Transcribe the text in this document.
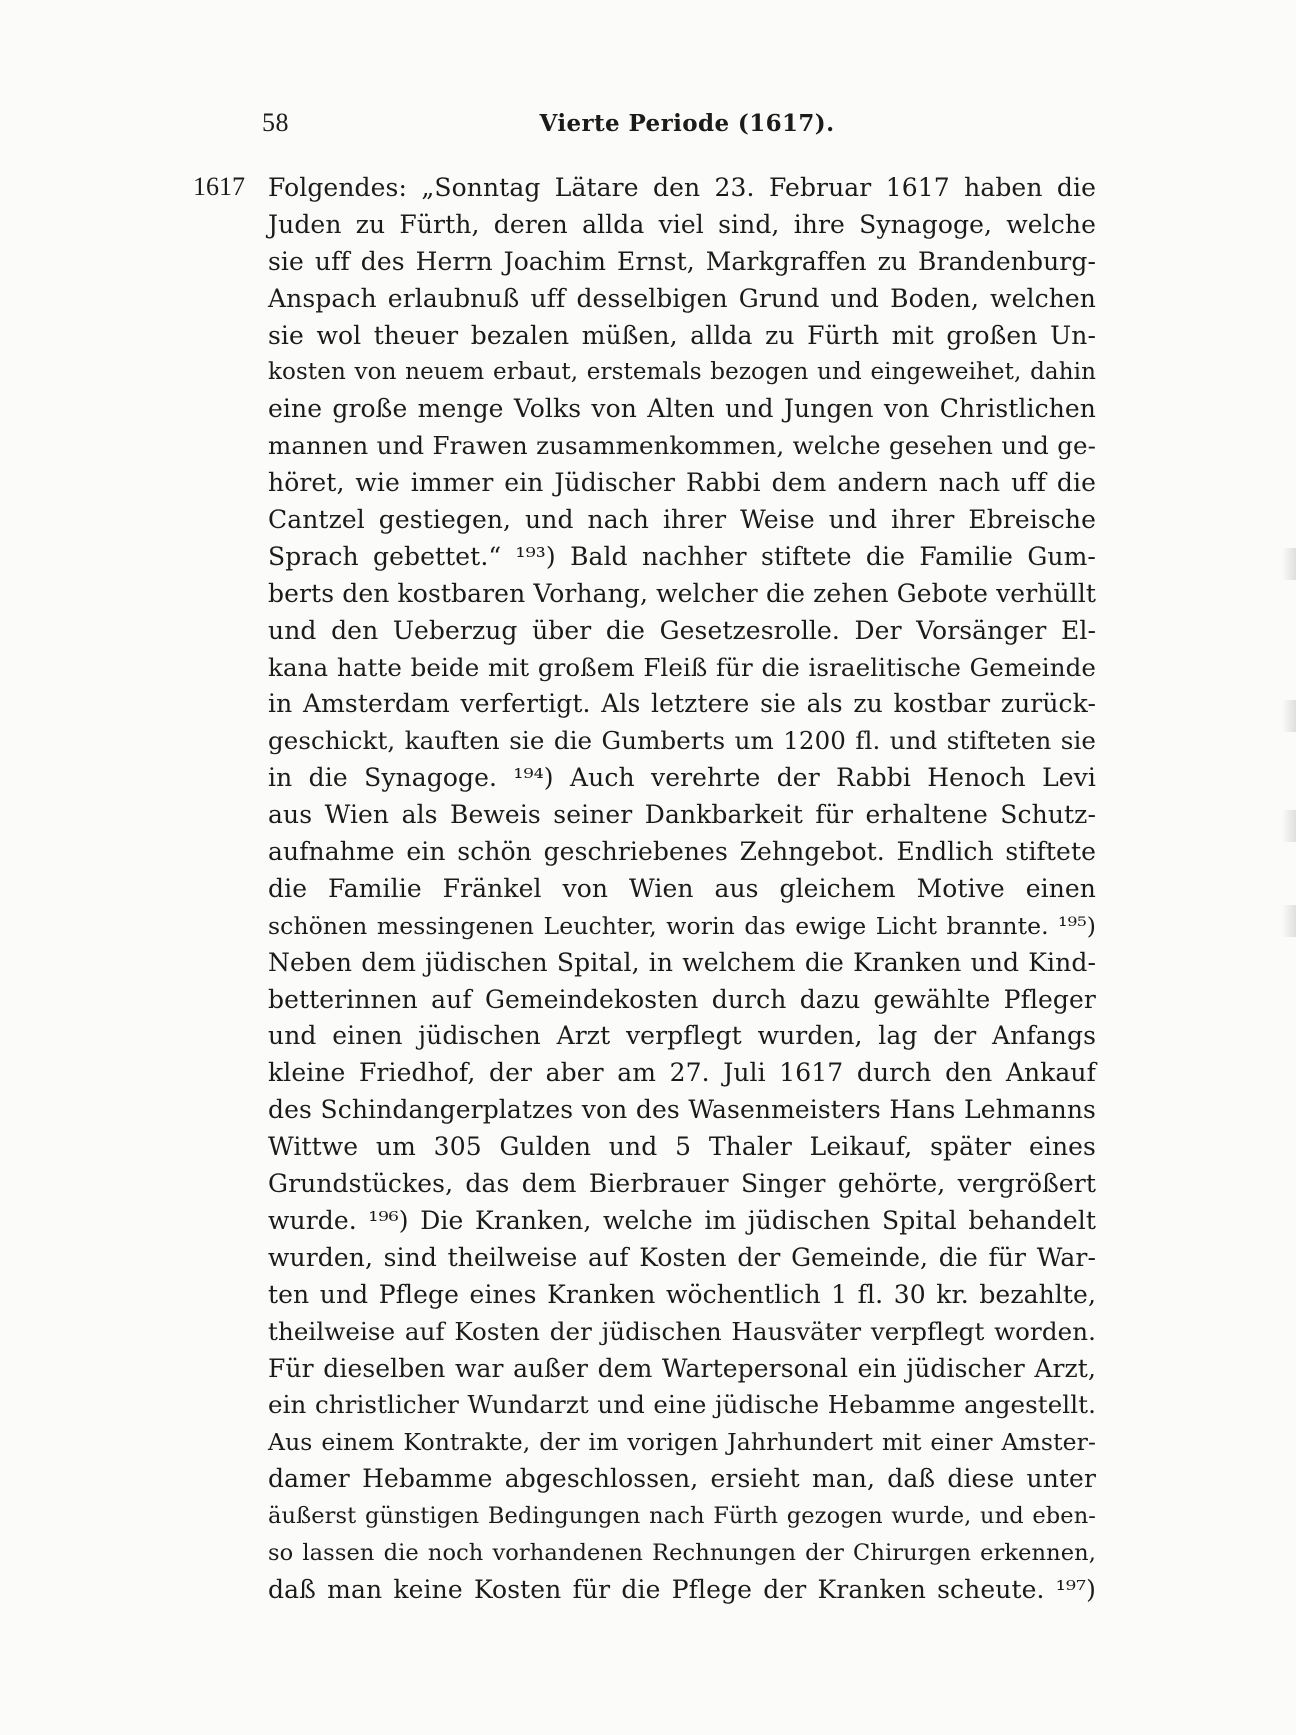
58	Vierte Periode (1617).
1617 Folgendes: „Sonntag Lätare den 23. Februar 1617 haben die
Juden zu Fürth, deren allda viel sind, ihre Synagoge, welche
sie uff des Herrn Joachim Ernst, Markgraffen zu Brandenburg-
Anspach erlaubnuß uff desselbigen Grund und Boden, welchen
sie wol theuer bezalen müßen, allda zu Fürth mit großen Un-
kosten von neuem erbaut, erstemals bezogen und eingeweihet, dahin
eine große menge Volks von Alten und Jungen von Christlichen
mannen und Frawen zusammenkommen, welche gesehen und ge-
höret, wie immer ein Jüdischer Rabbi dem andern nach uff die
Cantzel gestiegen, und nach ihrer Weise und ihrer Ebreische
Sprach gebettet.“ ¹⁹³) Bald nachher stiftete die Familie Gum-
berts den kostbaren Vorhang, welcher die zehen Gebote verhüllt
und den Ueberzug über die Gesetzesrolle. Der Vorsänger El-
kana hatte beide mit großem Fleiß für die israelitische Gemeinde
in Amsterdam verfertigt. Als letztere sie als zu kostbar zurück-
geschickt, kauften sie die Gumberts um 1200 fl. und stifteten sie
in die Synagoge. ¹⁹⁴) Auch verehrte der Rabbi Henoch Levi
aus Wien als Beweis seiner Dankbarkeit für erhaltene Schutz-
aufnahme ein schön geschriebenes Zehngebot. Endlich stiftete
die Familie Fränkel von Wien aus gleichem Motive einen
schönen messingenen Leuchter, worin das ewige Licht brannte. ¹⁹⁵)
Neben dem jüdischen Spital, in welchem die Kranken und Kind-
betterinnen auf Gemeindekosten durch dazu gewählte Pfleger
und einen jüdischen Arzt verpflegt wurden, lag der Anfangs
kleine Friedhof, der aber am 27. Juli 1617 durch den Ankauf
des Schindangerplatzes von des Wasenmeisters Hans Lehmanns
Wittwe um 305 Gulden und 5 Thaler Leikauf, später eines
Grundstückes, das dem Bierbrauer Singer gehörte, vergrößert
wurde. ¹⁹⁶) Die Kranken, welche im jüdischen Spital behandelt
wurden, sind theilweise auf Kosten der Gemeinde, die für War-
ten und Pflege eines Kranken wöchentlich 1 fl. 30 kr. bezahlte,
theilweise auf Kosten der jüdischen Hausväter verpflegt worden.
Für dieselben war außer dem Wartepersonal ein jüdischer Arzt,
ein christlicher Wundarzt und eine jüdische Hebamme angestellt.
Aus einem Kontrakte, der im vorigen Jahrhundert mit einer Amster-
damer Hebamme abgeschlossen, ersieht man, daß diese unter
äußerst günstigen Bedingungen nach Fürth gezogen wurde, und eben-
so lassen die noch vorhandenen Rechnungen der Chirurgen erkennen,
daß man keine Kosten für die Pflege der Kranken scheute. ¹⁹⁷)
